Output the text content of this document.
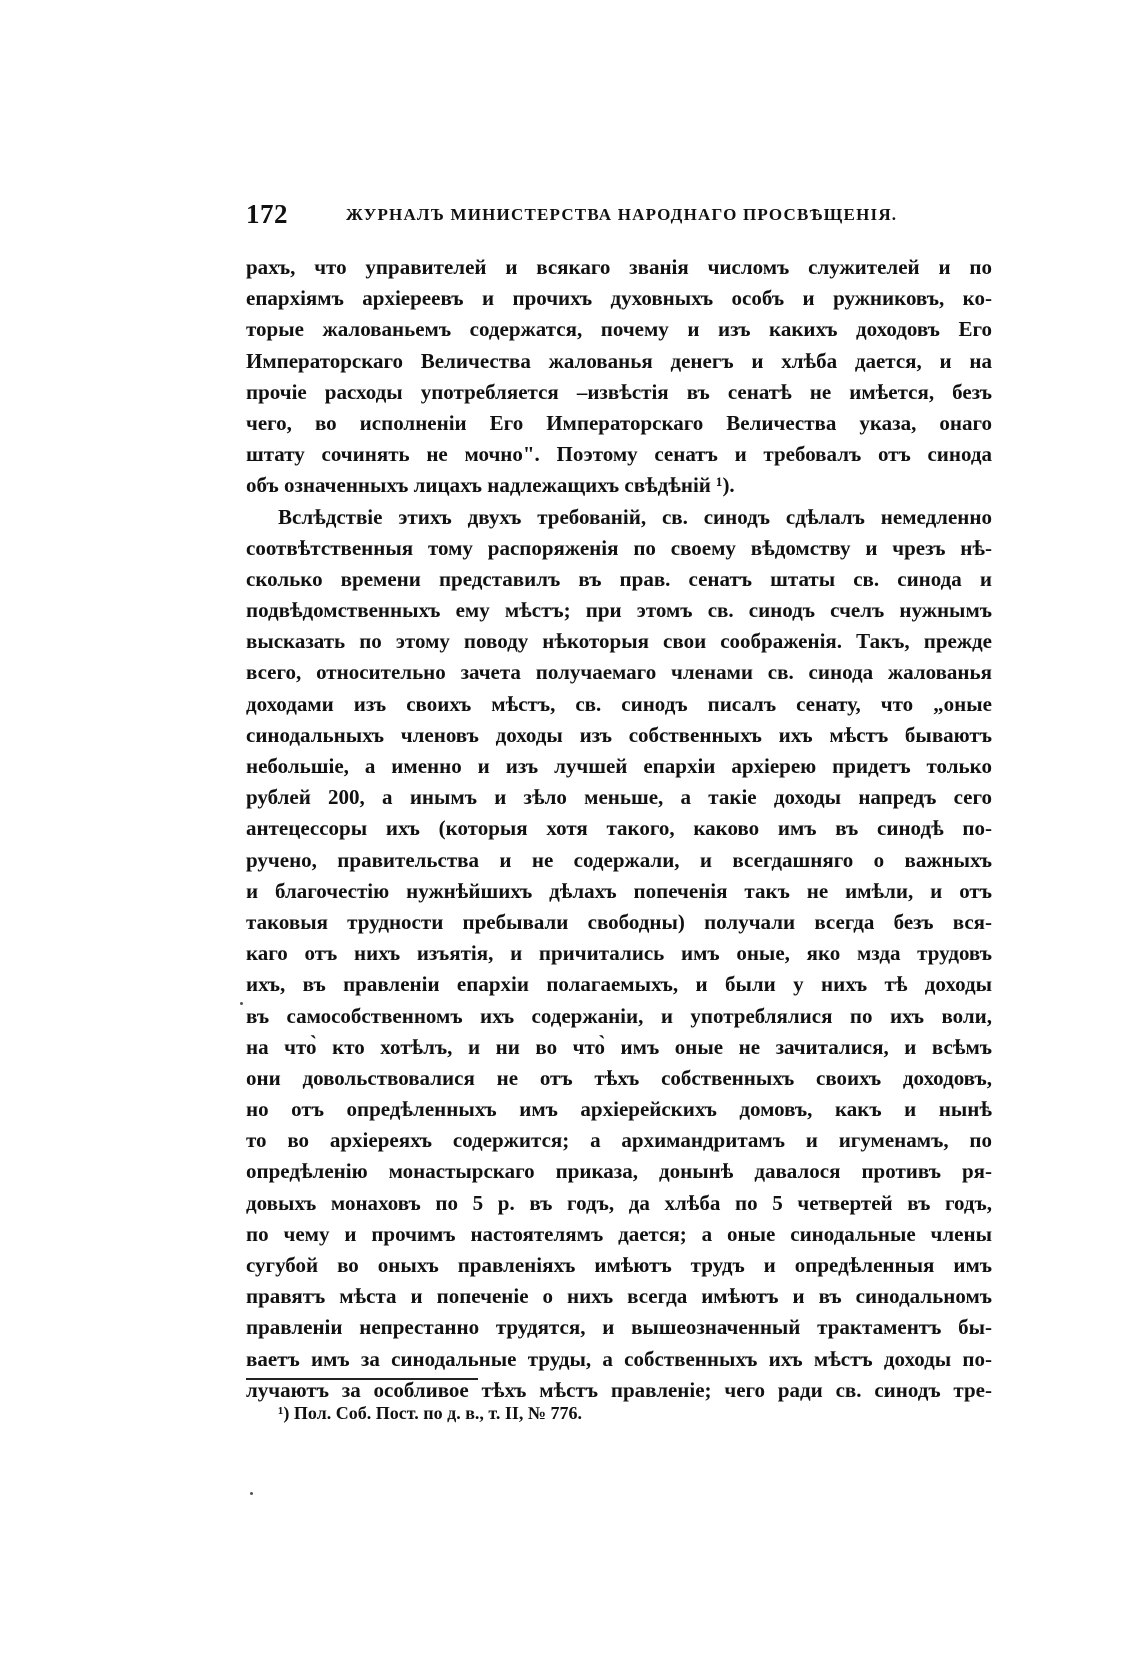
172	ЖУРНАЛЪ МИНИСТЕРСТВА НАРОДНАГО ПРОСВѢЩЕНІЯ.
рахъ, что управителей и всякаго званія числомъ служителей и по
епархіямъ архіереевъ и прочихъ духовныхъ особъ и ружниковъ, ко-
торые жалованьемъ содержатся, почему и изъ какихъ доходовъ Его
Императорскаго Величества жалованья денегъ и хлѣба дается, и на
прочіе расходы употребляется –извѣстія въ сенатѣ не имѣется, безъ
чего, во исполненіи Его Императорскаго Величества указа, онаго
штату сочинять не мочно". Поэтому сенатъ и требовалъ отъ синода
объ означенныхъ лицахъ надлежащихъ свѣдѣній ¹).
Вслѣдствіе этихъ двухъ требованій, св. синодъ сдѣлалъ немедленно
соотвѣтственныя тому распоряженія по своему вѣдомству и чрезъ нѣ-
сколько времени представилъ въ прав. сенатъ штаты св. синода и
подвѣдомственныхъ ему мѣстъ; при этомъ св. синодъ счелъ нужнымъ
высказать по этому поводу нѣкоторыя свои соображенія. Такъ, прежде
всего, относительно зачета получаемаго членами св. синода жалованья
доходами изъ своихъ мѣстъ, св. синодъ писалъ сенату, что „оные
синодальныхъ членовъ доходы изъ собственныхъ ихъ мѣстъ бываютъ
небольшіе, а именно и изъ лучшей епархіи архіерею придетъ только
рублей 200, а инымъ и зѣло меньше, а такіе доходы напредъ сего
антецессоры ихъ (которыя хотя такого, каково имъ въ синодѣ по-
ручено, правительства и не содержали, и всегдашняго о важныхъ
и благочестію нужнѣйшихъ дѣлахъ попеченія такъ не имѣли, и отъ
таковыя трудности пребывали свободны) получали всегда безъ вся-
каго отъ нихъ изъятія, и причитались имъ оные, яко мзда трудовъ
ихъ, въ правленіи епархіи полагаемыхъ, и были у нихъ тѣ доходы
въ самособственномъ ихъ содержаніи, и употреблялися по ихъ воли,
на что̀ кто хотѣлъ, и ни во что̀ имъ оные не зачиталися, и всѣмъ
они довольствовалися не отъ тѣхъ собственныхъ своихъ доходовъ,
но отъ опредѣленныхъ имъ архіерейскихъ домовъ, какъ и нынѣ
то во архіереяхъ содержится; а архимандритамъ и игуменамъ, по
опредѣленію монастырскаго приказа, донынѣ давалося противъ ря-
довыхъ монаховъ по 5 р. въ годъ, да хлѣба по 5 четвертей въ годъ,
по чему и прочимъ настоятелямъ дается; а оные синодальные члены
сугубой во оныхъ правленіяхъ имѣютъ трудъ и опредѣленныя имъ
правятъ мѣста и попеченіе о нихъ всегда имѣютъ и въ синодальномъ
правленіи непрестанно трудятся, и вышеозначенный трактаментъ бы-
ваетъ имъ за синодальные труды, а собственныхъ ихъ мѣстъ доходы по-
лучаютъ за особливое тѣхъ мѣстъ правленіе; чего ради св. синодъ тре-
¹) Пол. Соб. Пост. по д. в., т. II, № 776.
